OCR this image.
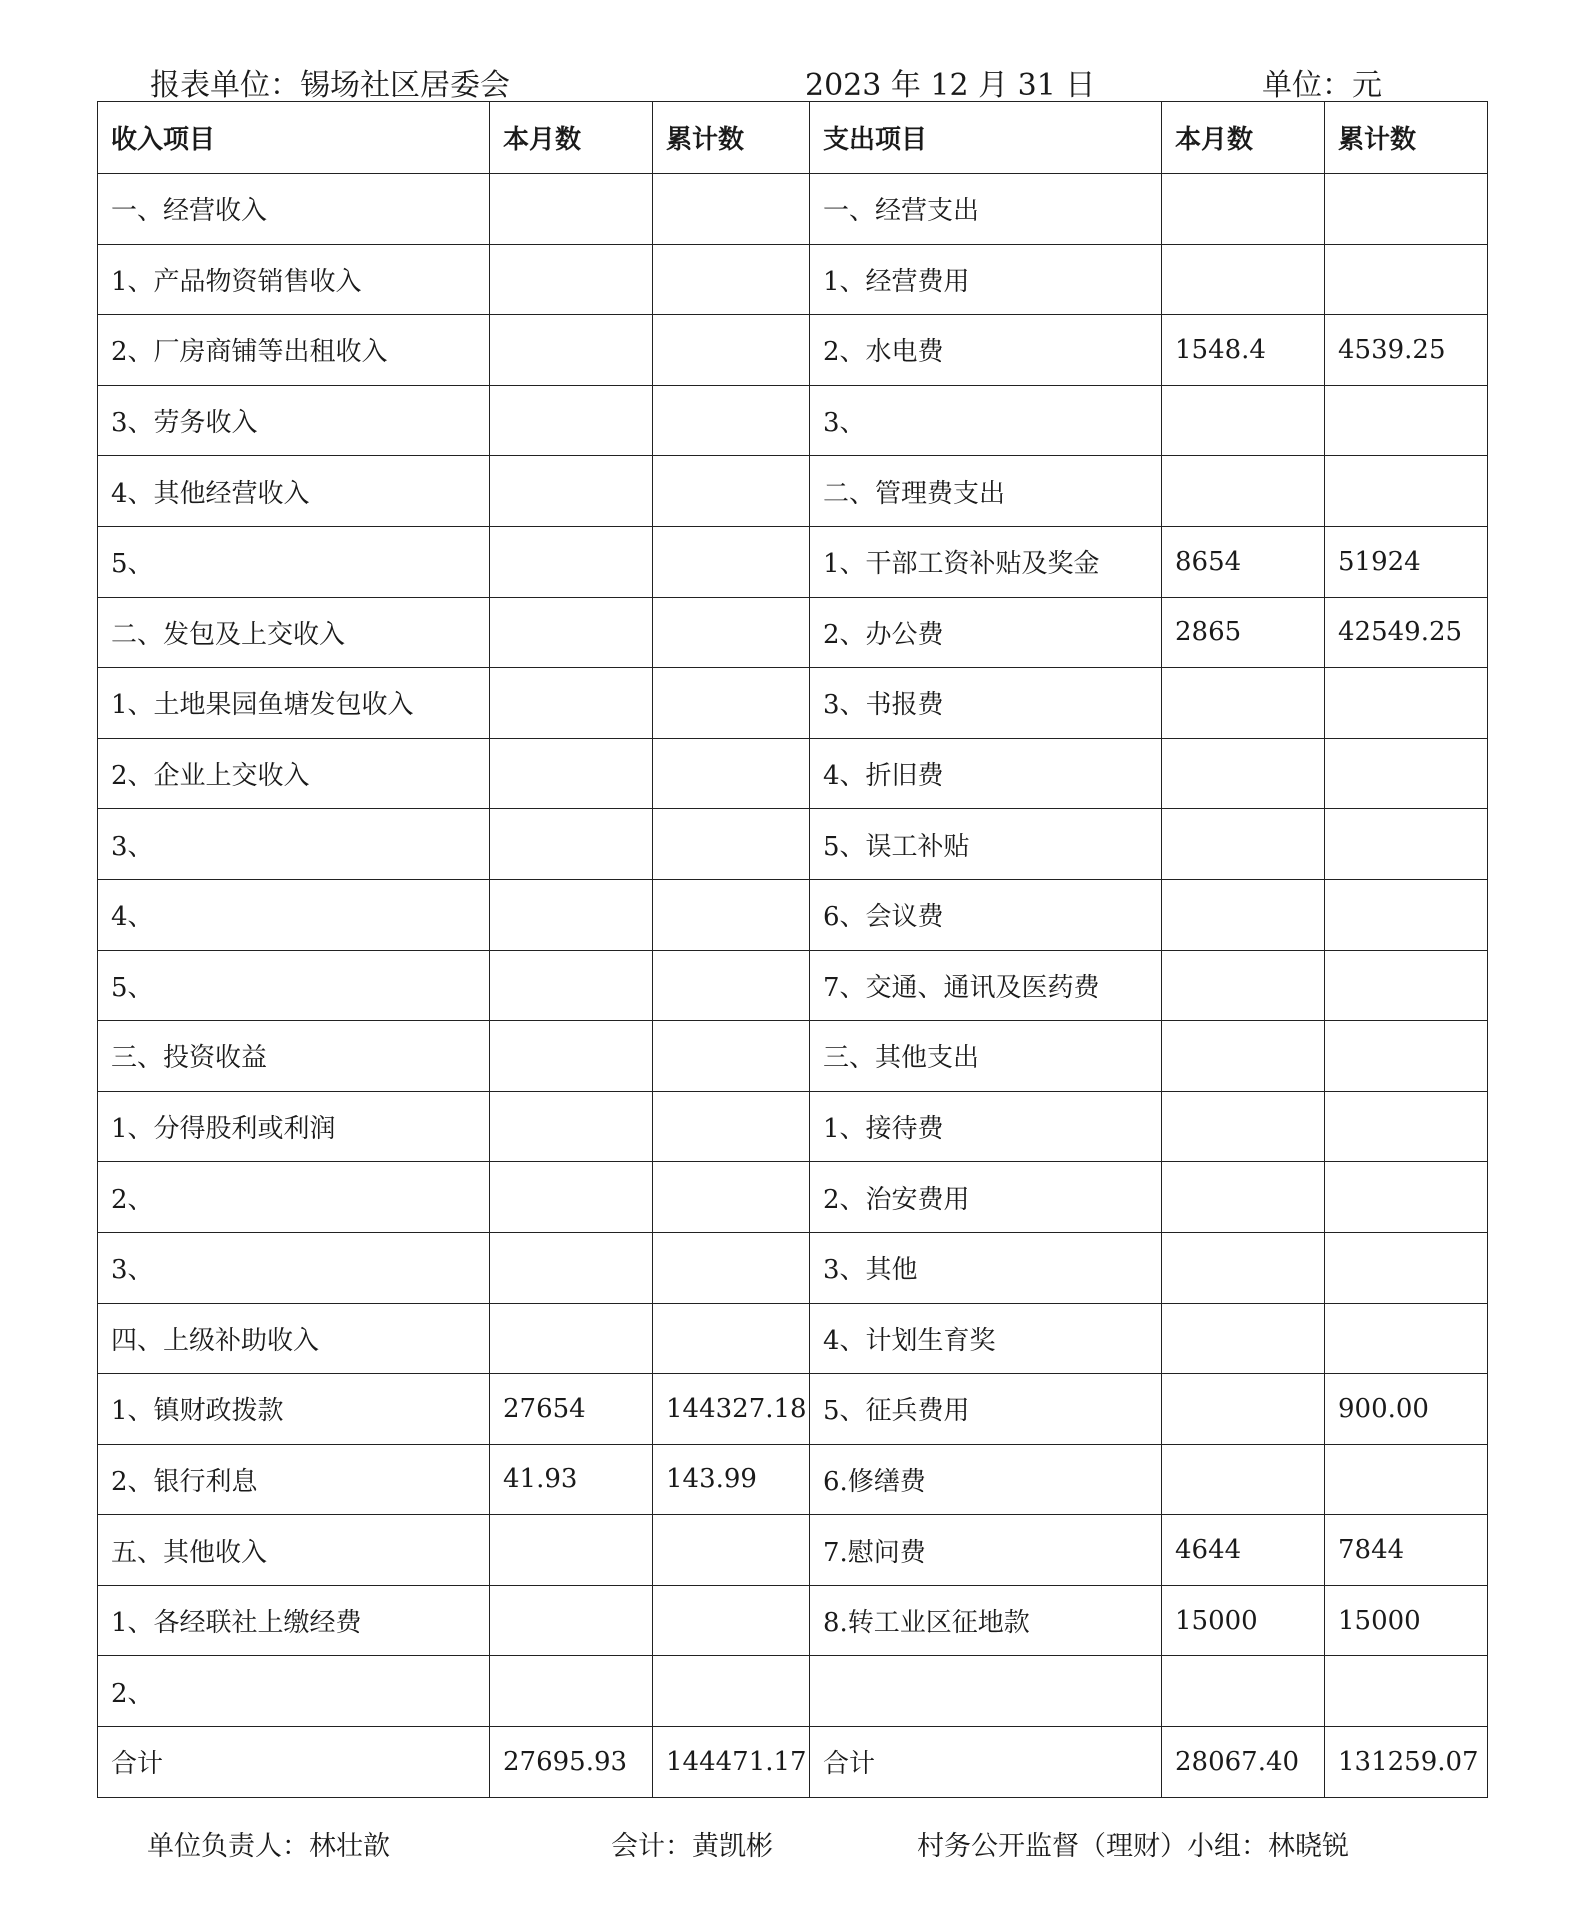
报表单位：锡场社区居委会	2023 年 12 月 31 日	单位：元
收入项目	本月数	累计数	支出项目	本月数	累计数
一、经营收入			一、经营支出		
1、产品物资销售收入			1、经营费用		
2、厂房商铺等出租收入			2、水电费	1548.4	4539.25
3、劳务收入			3、		
4、其他经营收入			二、管理费支出		
5、			1、干部工资补贴及奖金	8654	51924
二、发包及上交收入			2、办公费	2865	42549.25
1、土地果园鱼塘发包收入			3、书报费		
2、企业上交收入			4、折旧费		
3、			5、误工补贴		
4、			6、会议费		
5、			7、交通、通讯及医药费		
三、投资收益			三、其他支出		
1、分得股利或利润			1、接待费		
2、			2、治安费用		
3、			3、其他		
四、上级补助收入			4、计划生育奖		
1、镇财政拨款	27654	144327.18	5、征兵费用		900.00
2、银行利息	41.93	143.99	6.修缮费		
五、其他收入			7.慰问费	4644	7844
1、各经联社上缴经费			8.转工业区征地款	15000	15000
2、					
合计	27695.93	144471.17	合计	28067.40	131259.07
单位负责人：林壮歆	会计：黄凯彬	村务公开监督（理财）小组：林晓锐
